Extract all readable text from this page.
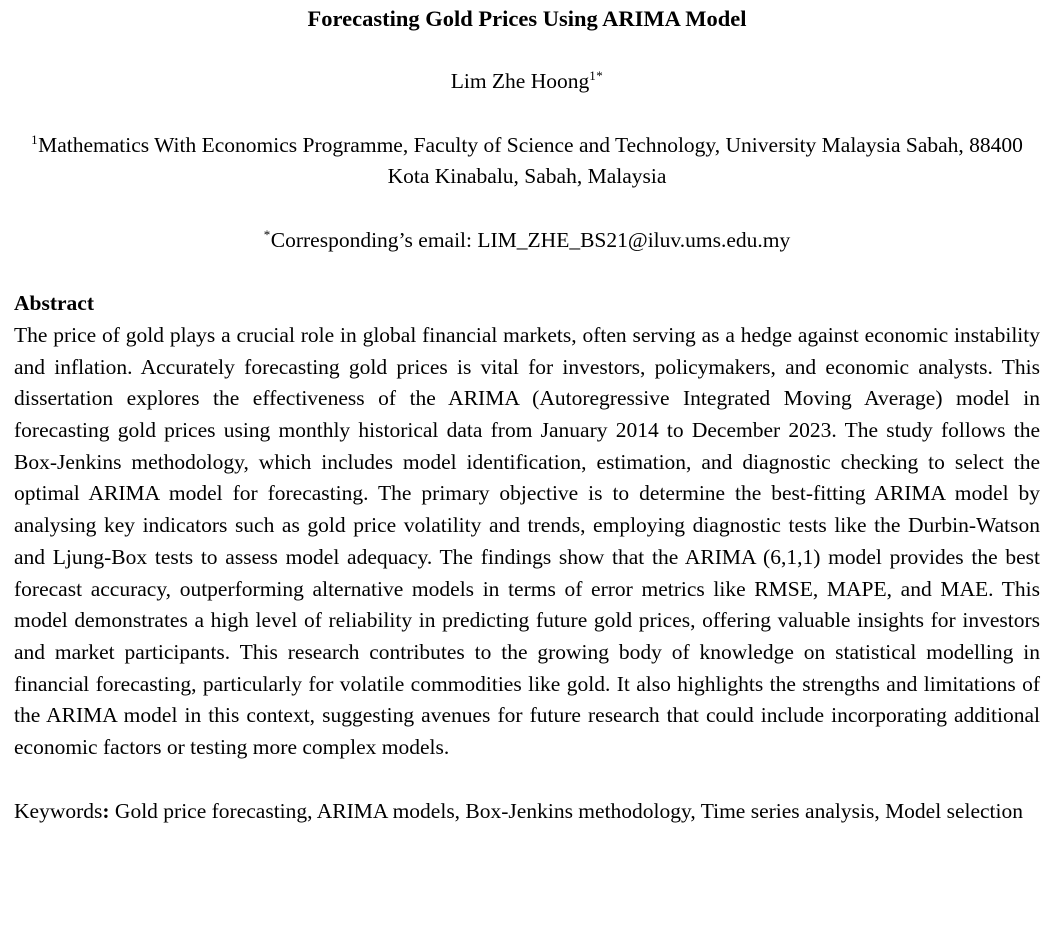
Forecasting Gold Prices Using ARIMA Model

Lim Zhe Hoong$^{1*}$

$^1$Mathematics With Economics Programme, Faculty of Science and Technology, University Malaysia Sabah, 88400 Kota Kinabalu, Sabah, Malaysia

*Corresponding’s email: LIM_ZHE_BS21@iluv.ums.edu.my

Abstract

The price of gold plays a crucial role in global financial markets, often serving as a hedge against economic instability and inflation. Accurately forecasting gold prices is vital for investors, policymakers, and economic analysts. This dissertation explores the effectiveness of the ARIMA (Autoregressive Integrated Moving Average) model in forecasting gold prices using monthly historical data from January 2014 to December 2023. The study follows the Box-Jenkins methodology, which includes model identification, estimation, and diagnostic checking to select the optimal ARIMA model for forecasting. The primary objective is to determine the best-fitting ARIMA model by analysing key indicators such as gold price volatility and trends, employing diagnostic tests like the Durbin-Watson and Ljung-Box tests to assess model adequacy. The findings show that the ARIMA (6,1,1) model provides the best forecast accuracy, outperforming alternative models in terms of error metrics like RMSE, MAPE, and MAE. This model demonstrates a high level of reliability in predicting future gold prices, offering valuable insights for investors and market participants. This research contributes to the growing body of knowledge on statistical modelling in financial forecasting, particularly for volatile commodities like gold. It also highlights the strengths and limitations of the ARIMA model in this context, suggesting avenues for future research that could include incorporating additional economic factors or testing more complex models.

Keywords: Gold price forecasting, ARIMA models, Box-Jenkins methodology, Time series analysis, Model selection
